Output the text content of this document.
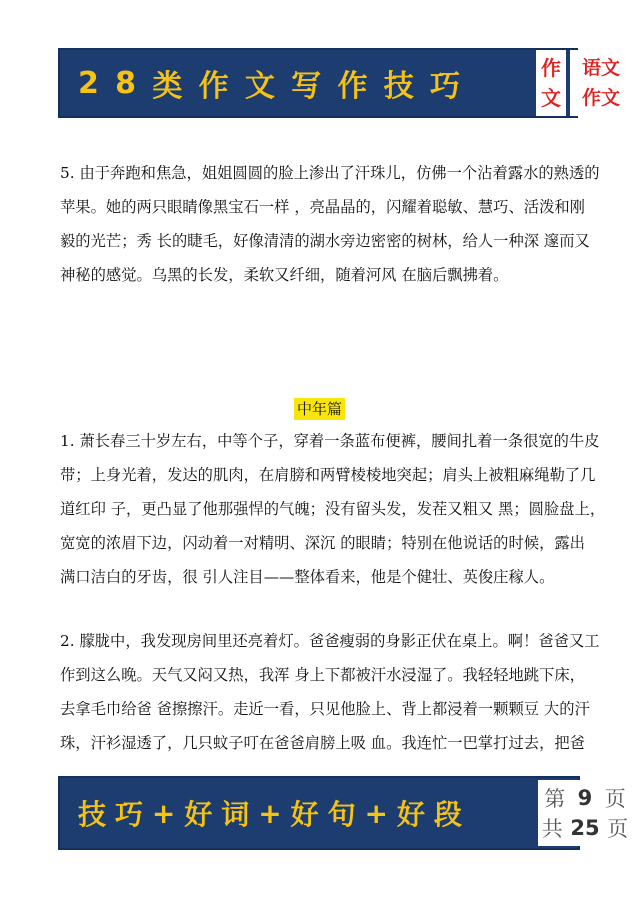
2 8 类 作 文 写 作 技 巧
作
文
语文
作文

5. 由于奔跑和焦急，姐姐圆圆的脸上渗出了汗珠儿，仿佛一个沾着露水的熟透的
苹果。她的两只眼睛像黑宝石一样 ，亮晶晶的，闪耀着聪敏、慧巧、活泼和刚
毅的光芒；秀 长的睫毛，好像清清的湖水旁边密密的树林，给人一种深 邃而又
神秘的感觉。乌黑的长发，柔软又纤细，随着河风 在脑后飘拂着。

中年篇

1. 萧长春三十岁左右，中等个子，穿着一条蓝布便裤，腰间扎着一条很宽的牛皮
带；上身光着，发达的肌肉，在肩膀和两臂棱棱地突起；肩头上被粗麻绳勒了几
道红印 子，更凸显了他那强悍的气魄；没有留头发，发茬又粗又 黑；圆脸盘上，
宽宽的浓眉下边，闪动着一对精明、深沉 的眼睛；特别在他说话的时候，露出
满口洁白的牙齿，很 引人注目——整体看来，他是个健壮、英俊庄稼人。

2. 朦胧中，我发现房间里还亮着灯。爸爸瘦弱的身影正伏在桌上。啊！爸爸又工
作到这么晚。天气又闷又热，我浑 身上下都被汗水浸湿了。我轻轻地跳下床，
去拿毛巾给爸 爸擦擦汗。走近一看，只见他脸上、背上都浸着一颗颗豆 大的汗
珠，汗衫湿透了，几只蚊子叮在爸爸肩膀上吸 血。我连忙一巴掌打过去，把爸

技 巧 + 好 词 + 好 句 + 好 段	第 9 页
共 25 页
